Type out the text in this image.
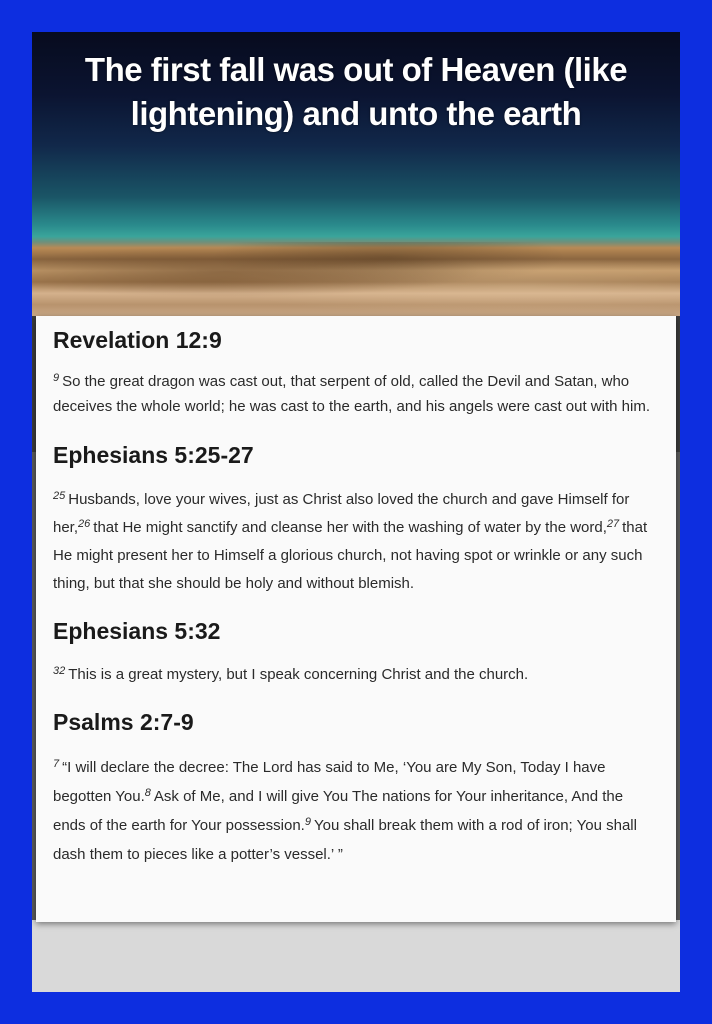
The first fall was out of Heaven (like lightening) and unto the earth
Revelation 12:9

$^9$ So the great dragon was cast out, that serpent of old, called the Devil and Satan, who deceives the whole world; he was cast to the earth, and his angels were cast out with him.

Ephesians 5:25-27

$^{25}$ Husbands, love your wives, just as Christ also loved the church and gave Himself for her,$^{26}$ that He might sanctify and cleanse her with the washing of water by the word,$^{27}$ that He might present her to Himself a glorious church, not having spot or wrinkle or any such thing, but that she should be holy and without blemish.

Ephesians 5:32

$^{32}$ This is a great mystery, but I speak concerning Christ and the church.

Psalms 2:7-9

$^7$ “I will declare the decree: The Lord has said to Me, ‘You are My Son, Today I have begotten You.$^8$ Ask of Me, and I will give You The nations for Your inheritance, And the ends of the earth for Your possession.$^9$ You shall break them with a rod of iron; You shall dash them to pieces like a potter’s vessel.’ ”
